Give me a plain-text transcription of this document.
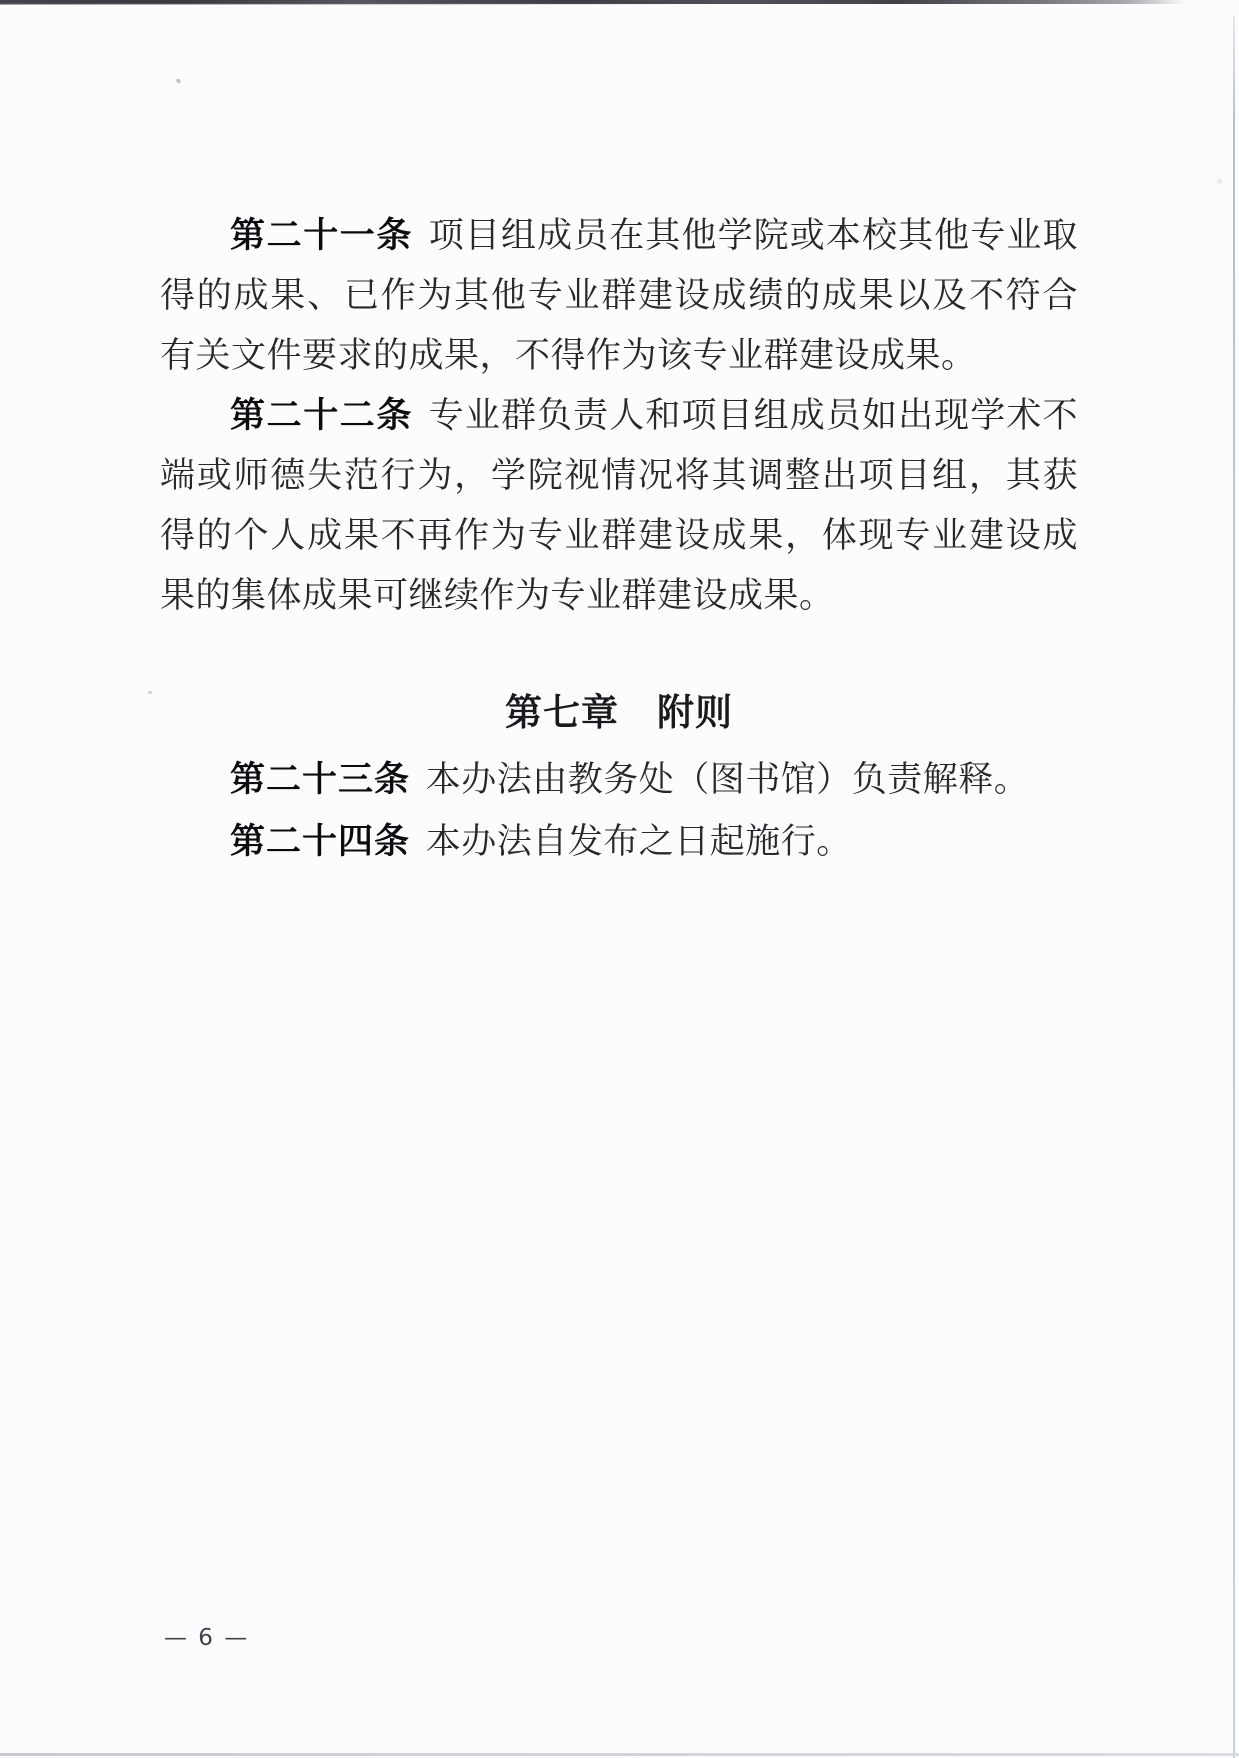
第二十一条 项目组成员在其他学院或本校其他专业取得的成果、已作为其他专业群建设成绩的成果以及不符合有关文件要求的成果，不得作为该专业群建设成果。

第二十二条 专业群负责人和项目组成员如出现学术不端或师德失范行为，学院视情况将其调整出项目组，其获得的个人成果不再作为专业群建设成果，体现专业建设成果的集体成果可继续作为专业群建设成果。

第七章　附则
第二十三条 本办法由教务处（图书馆）负责解释。
第二十四条 本办法自发布之日起施行。
— 6 —
